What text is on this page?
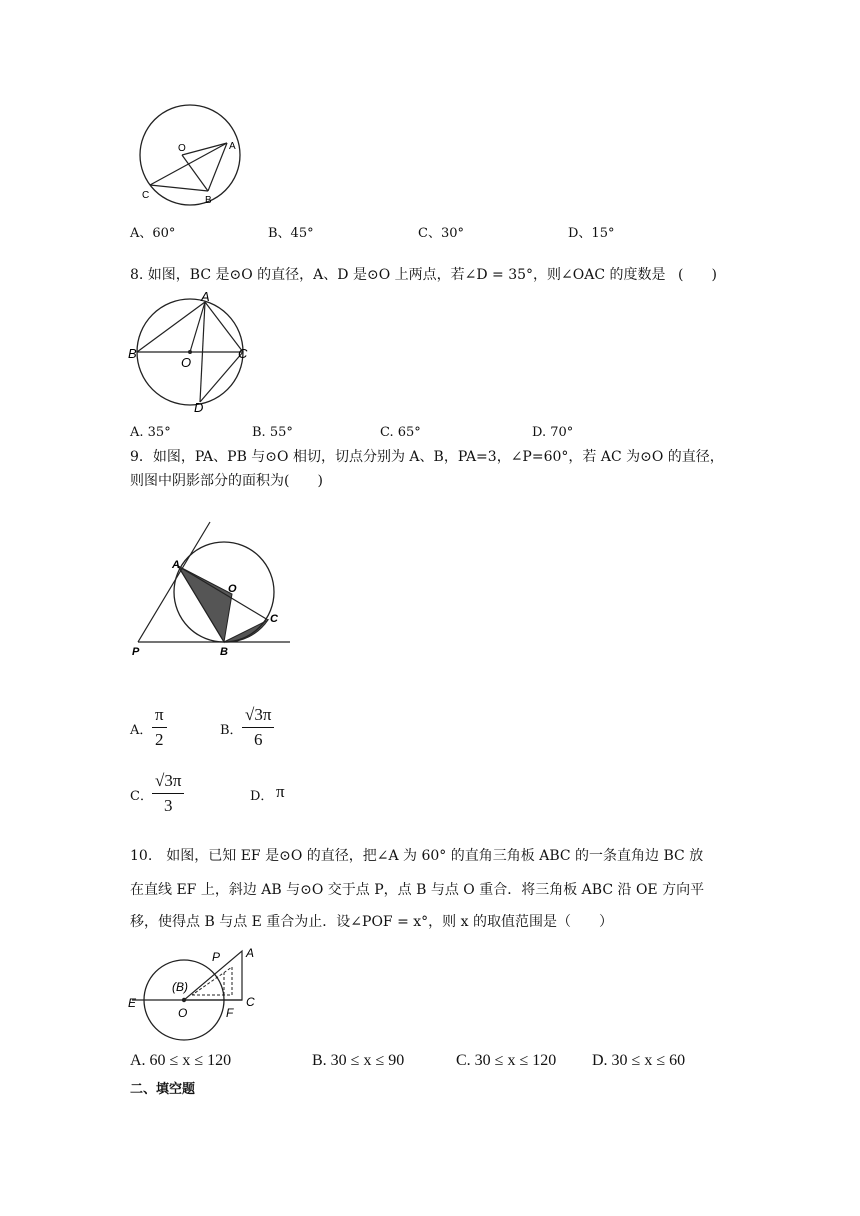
O	A
C	B
A、60°	B、45°	C、30°	D、15°
8. 如图，BC 是⊙O 的直径，A、D 是⊙O 上两点，若∠D = 35°，则∠OAC 的度数是 (　　)
A
B	C
O
D
A. 35°	B. 55°	C. 65°	D. 70°
9．如图，PA、PB 与⊙O 相切，切点分别为 A、B，PA=3，∠P=60°，若 AC 为⊙O 的直径，
则图中阴影部分的面积为(　　)
A
O
C
P	B
A． $\frac{\pi}{2}$	B． $\frac{√3\pi}{6}$
C． $\frac{√3\pi}{3}$	D． π
10.　如图，已知 EF 是⊙O 的直径，把∠A 为 60° 的直角三角板 ABC 的一条直角边 BC 放
在直线 EF 上，斜边 AB 与⊙O 交于点 P，点 B 与点 O 重合．将三角板 ABC 沿 OE 方向平
移，使得点 B 与点 E 重合为止．设∠POF = x°，则 x 的取值范围是（　　）
A
P
(B)
C
E
O	F
A. 60 ≤ x ≤ 120	B. 30 ≤ x ≤ 90	C. 30 ≤ x ≤ 120 D. 30 ≤ x ≤ 60
二、填空题
